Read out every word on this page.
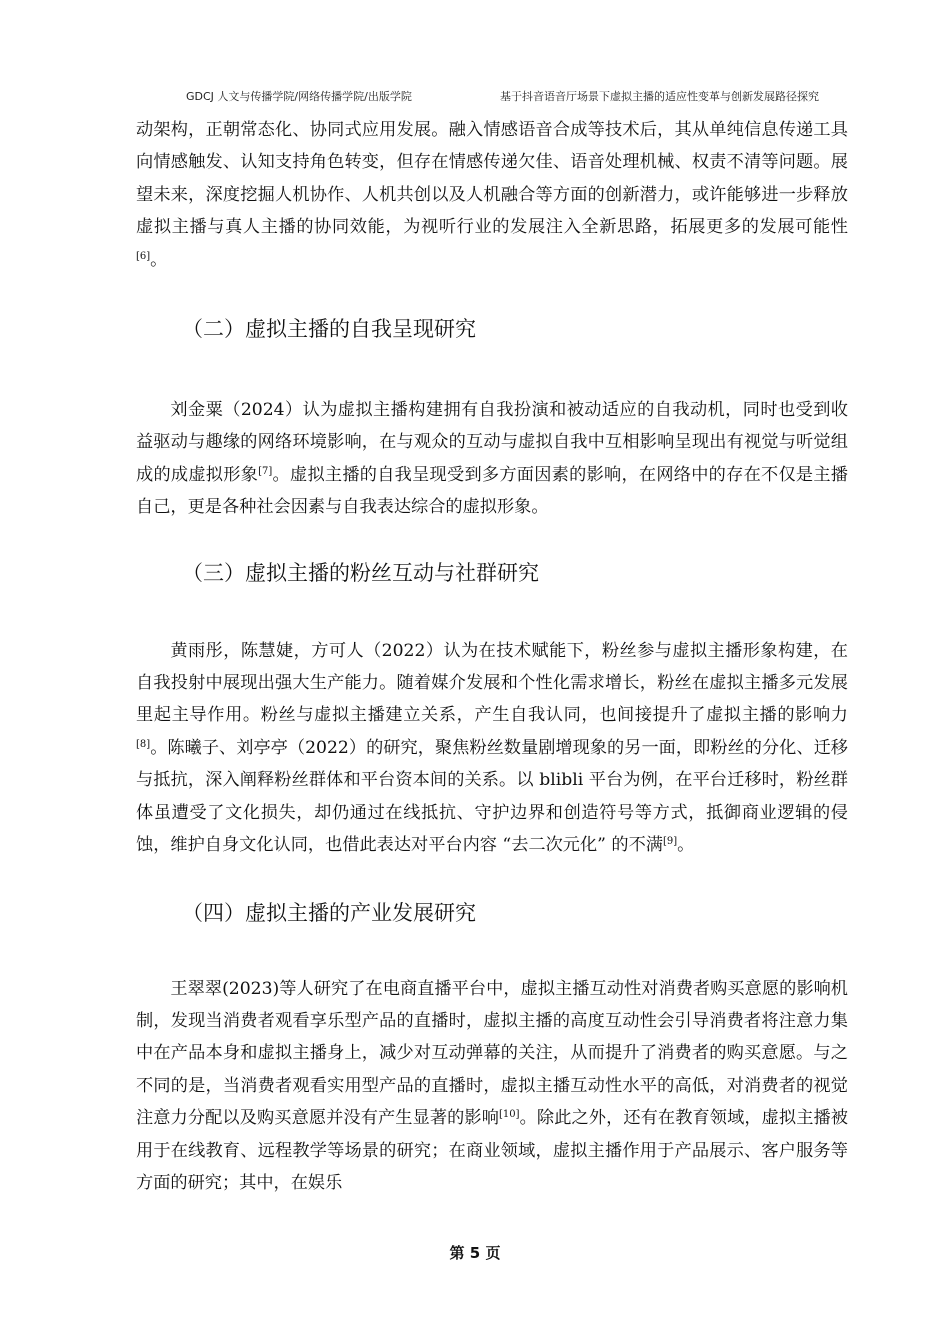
GDCJ 人文与传播学院/网络传播学院/出版学院	基于抖音语音厅场景下虚拟主播的适应性变革与创新发展路径探究

动架构，正朝常态化、协同式应用发展。融入情感语音合成等技术后，其从单纯信息传递工具向情感触发、认知支持角色转变，但存在情感传递欠佳、语音处理机械、权责不清等问题。展望未来，深度挖掘人机协作、人机共创以及人机融合等方面的创新潜力，或许能够进一步释放虚拟主播与真人主播的协同效能，为视听行业的发展注入全新思路，拓展更多的发展可能性[6]。

（二）虚拟主播的自我呈现研究

刘金粟（2024）认为虚拟主播构建拥有自我扮演和被动适应的自我动机，同时也受到收益驱动与趣缘的网络环境影响，在与观众的互动与虚拟自我中互相影响呈现出有视觉与听觉组成的成虚拟形象[7]。虚拟主播的自我呈现受到多方面因素的影响，在网络中的存在不仅是主播自己，更是各种社会因素与自我表达综合的虚拟形象。

（三）虚拟主播的粉丝互动与社群研究

黄雨彤，陈慧婕，方可人（2022）认为在技术赋能下，粉丝参与虚拟主播形象构建，在自我投射中展现出强大生产能力。随着媒介发展和个性化需求增长，粉丝在虚拟主播多元发展里起主导作用。粉丝与虚拟主播建立关系，产生自我认同，也间接提升了虚拟主播的影响力[8]。陈曦子、刘亭亭（2022）的研究，聚焦粉丝数量剧增现象的另一面，即粉丝的分化、迁移与抵抗，深入阐释粉丝群体和平台资本间的关系。以 blibli 平台为例，在平台迁移时，粉丝群体虽遭受了文化损失，却仍通过在线抵抗、守护边界和创造符号等方式，抵御商业逻辑的侵蚀，维护自身文化认同，也借此表达对平台内容 “去二次元化” 的不满[9]。

（四）虚拟主播的产业发展研究

王翠翠(2023)等人研究了在电商直播平台中，虚拟主播互动性对消费者购买意愿的影响机制，发现当消费者观看享乐型产品的直播时，虚拟主播的高度互动性会引导消费者将注意力集中在产品本身和虚拟主播身上，减少对互动弹幕的关注，从而提升了消费者的购买意愿。与之不同的是，当消费者观看实用型产品的直播时，虚拟主播互动性水平的高低，对消费者的视觉注意力分配以及购买意愿并没有产生显著的影响[10]。除此之外，还有在教育领域，虚拟主播被用于在线教育、远程教学等场景的研究；在商业领域，虚拟主播作用于产品展示、客户服务等方面的研究；其中，在娱乐

第 5 页
